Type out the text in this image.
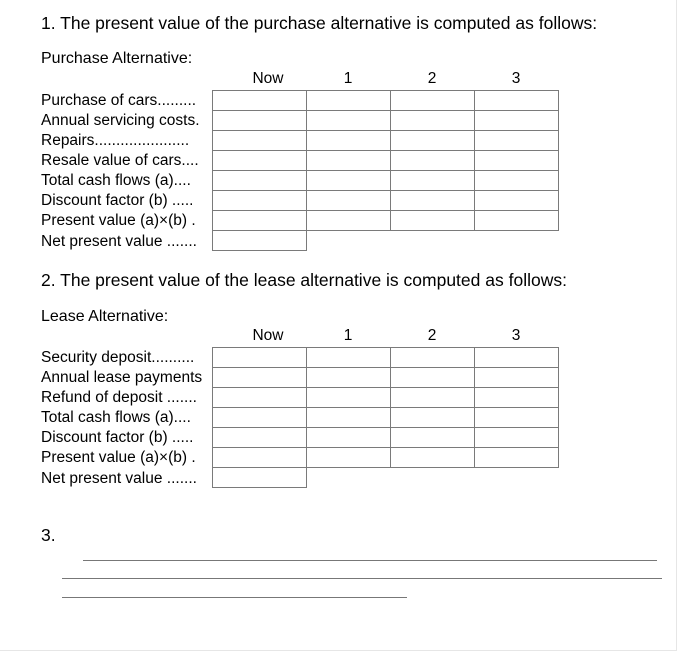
1. The present value of the purchase alternative is computed as follows:
Purchase Alternative:
Now	1	2	3
Purchase of cars.........
Annual servicing costs.
Repairs......................
Resale value of cars....
Total cash flows (a)....
Discount factor (b) .....
Present value (a)×(b) .
Net present value .......

2. The present value of the lease alternative is computed as follows:
Lease Alternative:
Now	1	2	3
Security deposit..........
Annual lease payments
Refund of deposit .......
Total cash flows (a)....
Discount factor (b) .....
Present value (a)×(b) .
Net present value .......

3.
